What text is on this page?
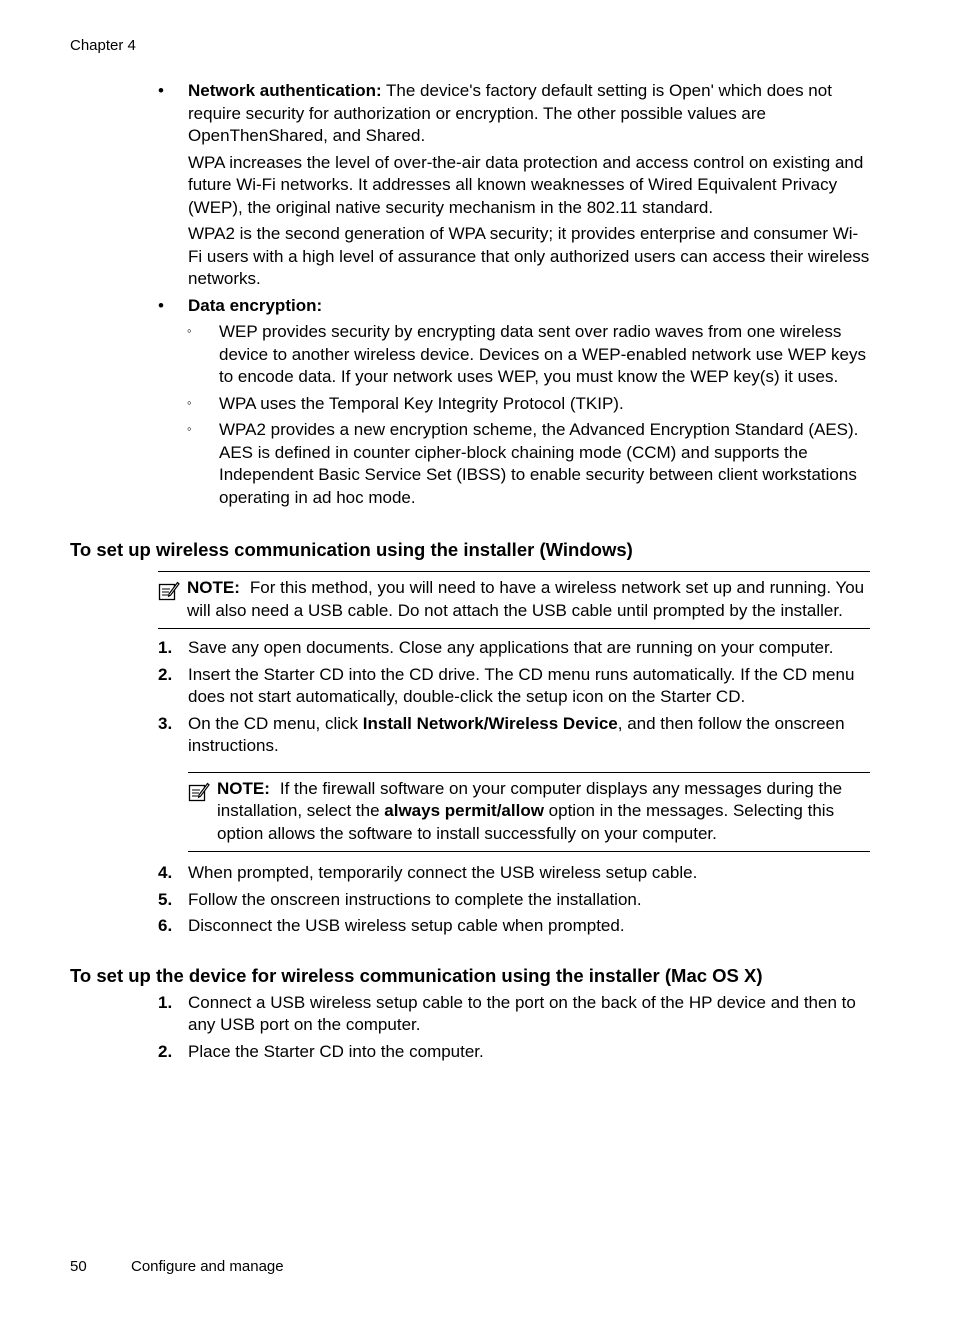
Chapter 4
• Network authentication: The device's factory default setting is Open' which does not require security for authorization or encryption. The other possible values are OpenThenShared, and Shared.
WPA increases the level of over-the-air data protection and access control on existing and future Wi-Fi networks. It addresses all known weaknesses of Wired Equivalent Privacy (WEP), the original native security mechanism in the 802.11 standard.
WPA2 is the second generation of WPA security; it provides enterprise and consumer Wi-Fi users with a high level of assurance that only authorized users can access their wireless networks.
• Data encryption:
◦ WEP provides security by encrypting data sent over radio waves from one wireless device to another wireless device. Devices on a WEP-enabled network use WEP keys to encode data. If your network uses WEP, you must know the WEP key(s) it uses.
◦ WPA uses the Temporal Key Integrity Protocol (TKIP).
◦ WPA2 provides a new encryption scheme, the Advanced Encryption Standard (AES). AES is defined in counter cipher-block chaining mode (CCM) and supports the Independent Basic Service Set (IBSS) to enable security between client workstations operating in ad hoc mode.
To set up wireless communication using the installer (Windows)
NOTE: For this method, you will need to have a wireless network set up and running. You will also need a USB cable. Do not attach the USB cable until prompted by the installer.
1. Save any open documents. Close any applications that are running on your computer.
2. Insert the Starter CD into the CD drive. The CD menu runs automatically. If the CD menu does not start automatically, double-click the setup icon on the Starter CD.
3. On the CD menu, click Install Network/Wireless Device, and then follow the onscreen instructions.
NOTE: If the firewall software on your computer displays any messages during the installation, select the always permit/allow option in the messages. Selecting this option allows the software to install successfully on your computer.
4. When prompted, temporarily connect the USB wireless setup cable.
5. Follow the onscreen instructions to complete the installation.
6. Disconnect the USB wireless setup cable when prompted.
To set up the device for wireless communication using the installer (Mac OS X)
1. Connect a USB wireless setup cable to the port on the back of the HP device and then to any USB port on the computer.
2. Place the Starter CD into the computer.
50	Configure and manage
